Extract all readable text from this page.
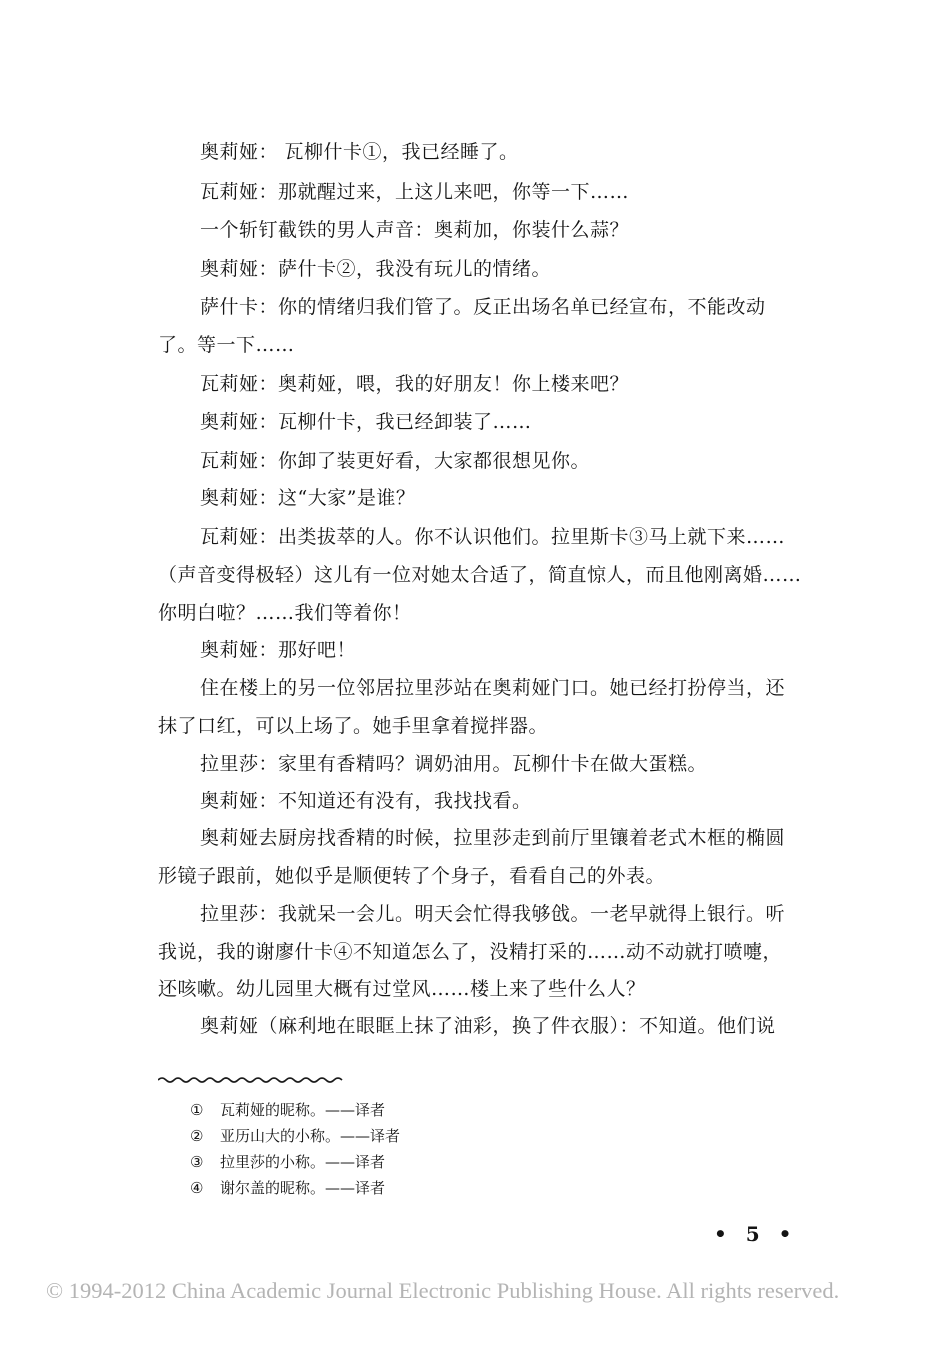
奥莉娅： 瓦柳什卡①，我已经睡了。
瓦莉娅：那就醒过来，上这儿来吧，你等一下……
一个斩钉截铁的男人声音：奥莉加，你装什么蒜？
奥莉娅：萨什卡②，我没有玩儿的情绪。
萨什卡：你的情绪归我们管了。反正出场名单已经宣布，不能改动
了。等一下……
瓦莉娅：奥莉娅，喂，我的好朋友！你上楼来吧？
奥莉娅：瓦柳什卡，我已经卸装了……
瓦莉娅：你卸了装更好看，大家都很想见你。
奥莉娅：这“大家”是谁？
瓦莉娅：出类拔萃的人。你不认识他们。拉里斯卡③马上就下来……
（声音变得极轻）这儿有一位对她太合适了，简直惊人，而且他刚离婚……
你明白啦？……我们等着你！
奥莉娅：那好吧！
住在楼上的另一位邻居拉里莎站在奥莉娅门口。她已经打扮停当，还
抹了口红，可以上场了。她手里拿着搅拌器。
拉里莎：家里有香精吗？调奶油用。瓦柳什卡在做大蛋糕。
奥莉娅：不知道还有没有，我找找看。
奥莉娅去厨房找香精的时候，拉里莎走到前厅里镶着老式木框的椭圆
形镜子跟前，她似乎是顺便转了个身子，看看自己的外表。
拉里莎：我就呆一会儿。明天会忙得我够戗。一老早就得上银行。听
我说，我的谢廖什卡④不知道怎么了，没精打采的……动不动就打喷嚏，
还咳嗽。幼儿园里大概有过堂风……楼上来了些什么人？
奥莉娅（麻利地在眼眶上抹了油彩，换了件衣服）：不知道。他们说
① 瓦莉娅的昵称。——译者
② 亚历山大的小称。——译者
③ 拉里莎的小称。——译者
④ 谢尔盖的昵称。——译者
• 5 •
© 1994-2012 China Academic Journal Electronic Publishing House. All rights reserved.
